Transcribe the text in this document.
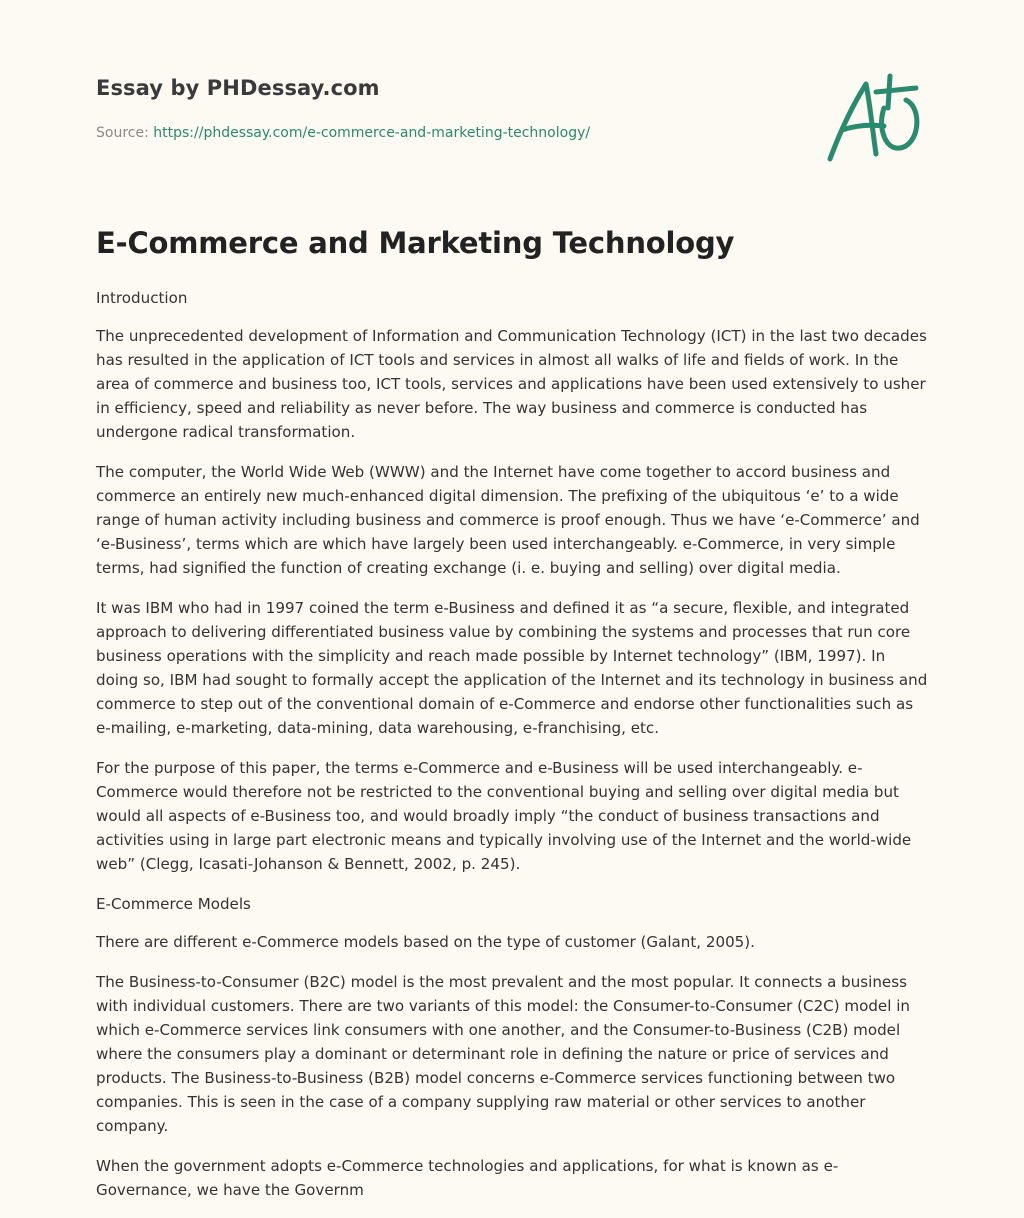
Essay by PHDessay.com

Source: https://phdessay.com/e-commerce-and-marketing-technology/

E-Commerce and Marketing Technology

Introduction

The unprecedented development of Information and Communication Technology (ICT) in the last two decades has resulted in the application of ICT tools and services in almost all walks of life and fields of work. In the area of commerce and business too, ICT tools, services and applications have been used extensively to usher in efficiency, speed and reliability as never before. The way business and commerce is conducted has undergone radical transformation.

The computer, the World Wide Web (WWW) and the Internet have come together to accord business and commerce an entirely new much-enhanced digital dimension. The prefixing of the ubiquitous ‘e’ to a wide range of human activity including business and commerce is proof enough. Thus we have ‘e-Commerce’ and ‘e-Business’, terms which are which have largely been used interchangeably. e-Commerce, in very simple terms, had signified the function of creating exchange (i. e. buying and selling) over digital media.

It was IBM who had in 1997 coined the term e-Business and defined it as “a secure, flexible, and integrated approach to delivering differentiated business value by combining the systems and processes that run core business operations with the simplicity and reach made possible by Internet technology” (IBM, 1997). In doing so, IBM had sought to formally accept the application of the Internet and its technology in business and commerce to step out of the conventional domain of e-Commerce and endorse other functionalities such as e-mailing, e-marketing, data-mining, data warehousing, e-franchising, etc.

For the purpose of this paper, the terms e-Commerce and e-Business will be used interchangeably. e-Commerce would therefore not be restricted to the conventional buying and selling over digital media but would all aspects of e-Business too, and would broadly imply “the conduct of business transactions and activities using in large part electronic means and typically involving use of the Internet and the world-wide web” (Clegg, Icasati-Johanson & Bennett, 2002, p. 245).

E-Commerce Models

There are different e-Commerce models based on the type of customer (Galant, 2005).

The Business-to-Consumer (B2C) model is the most prevalent and the most popular. It connects a business with individual customers. There are two variants of this model: the Consumer-to-Consumer (C2C) model in which e-Commerce services link consumers with one another, and the Consumer-to-Business (C2B) model where the consumers play a dominant or determinant role in defining the nature or price of services and products. The Business-to-Business (B2B) model concerns e-Commerce services functioning between two companies. This is seen in the case of a company supplying raw material or other services to another company.

When the government adopts e-Commerce technologies and applications, for what is known as e-Governance, we have the Governm
